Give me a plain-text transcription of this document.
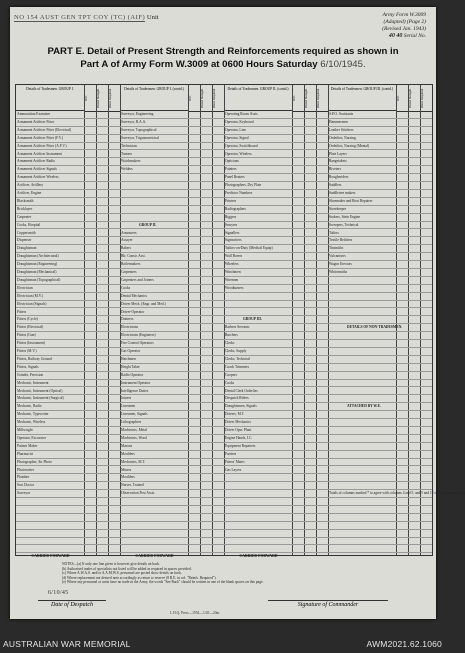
NO 154 AUST GEN TPT COY (TC) (AIF) Unit	Army Form W.3009
(Adapted) (Page 2)
(Revised Jan. 1943)
40 40 Serial No.
PART E. Detail of Present Strength and Reinforcements required as shown in
Part A of Army Form W.3009 at 0600 Hours Saturday 6/10/1945.
Details of Tradesmen. GROUP I.
W.E.	Posted Strength.	Reinf. Required.
Ammunition Examiner
Armament Artificer Fitter
Armament Artificer Fitter (Electrical)
Armament Artificer Fitter (F.V.)
Armament Artificer Fitter (A.F.V.)
Armament Artificer Instrument
Armament Artificer Radio
Armament Artificer Signals
Armament Artificer Wireless
Artificer, Artillery
Artificer, Engine
Blacksmith
Bricklayer
Carpenter
Cooks, Hospital
Coppersmith
Dispenser
Draughtsman
Draughtsman (Architectural)
Draughtsman (Engineering)
Draughtsman (Mechanical)
Draughtsman (Topographical)
Electrician
Electrician (M.V.)
Electrician (Signals)
Fitters
Fitters (Cycle)
Fitters (Electrical)
Fitters (Gun)
Fitters (Instrument)
Fitters (M.V.)
Fitters, Railway Ground
Fitters, Signals
Grinder, Precision
Mechanic, Instrument
Mechanic, Instrument (Optical)
Mechanic, Instrument (Surgical)
Mechanic, Radio
Mechanic, Typewriter
Mechanic, Wireless
Millwright
Operator, Excavator
Pattern Maker
Pharmacist
Photographer, Air Photo
Photowriter
Plumber
Saw Doctor
Surveyor
CARRIED FORWARD
Details of Tradesmen. GROUP I. (contd.)
W.E.	Posted Strength.	Reinf. Required.
Surveyor, Engineering
Surveyor, R.A.A.
Surveyor, Topographical
Surveyor, Trigonometrical
Technician
Turners
Watchmakers
Welders
GROUP II.
Armourers
Assayer
Bakers
Blr. Constr. Asst.
Boilermakers
Carpenters
Carpenters and Joiners
Cooks
Dental Mechanics
Driver Mech. (Engr. and Med.)
Driver-Operator
Drainers
Electricians
Electricians (Engineers)
Fire Control Operators
Gas Operator
Hatchmen
Height Taker
Radio Operator
Instrument Operator
Intelligence Duties
Joiners
Linesmen
Linesmen, Signals
Lithographers
Machinists, Metal
Machinists, Wood
Masons
Moulders
Mechanics, M.T.
Miners
Moulders
Nurses, Trained
Observation Post Assts.
CARRIED FORWARD
Details of Tradesmen. GROUP II. (contd.)
W.E.	Posted Strength.	Reinf. Required.
Operating Room Assts.
Operator, Keyboard
Operator, Line
Operator, Signal
Operator, Switchboard
Operator, Wireless
Opticians
Painters
Panel Beaters
Photographers, Dry Plate
Predictor Numbers
Printers
Radiographers
Riggers
Sawyers
Signallers
Signwriters
Tailors-on-Duty (Medical Equip)
Wall Borers
Wheelers
Winchmen
Wiremen
Woodturners
GROUP III.
Barbers Servants
Butchers
Clerks
Clerks, Supply
Clerks, Technical
Coach Trimmers
Coopers
Cooks
Dental Clerk Orderlies
Despatch Riders
Draughtsmen, Signals
Drivers, M.T.
Driver Mechanics
Driver Opsr. Plant
Engine Hands, I.C.
Equipment Repairers
Farriers
Fitters' Mates
Gas Layers
CARRIED FORWARD
Details of Tradesmen. GROUP III. (contd.)
W.E.	Posted Strength.	Reinf. Required.
S.P.O. Assistants
Hammermen
Leather Stitchers
Orderlies, Nursing
Orderlies, Nursing (Mental)
Plate Layers
Rangetakers
Riveters
Rougheriders
Saddlers
Saddletree makers
Shoemaker and Boot Repairer
Storekeeper
Stokers, Stein Engine
Sweepers, Technical
Tailors
Textile Refitters
Tinsmiths
Vulcanisers
Wagon Erectors
Whitesmiths
DETAILS OF NON-TRADESMEN.
ATTACHED BY W.E.
Totals of columns marked * to agree with columns 4 and 5, and 5 and 12 of Part A respectively
NOTES—(a) If only one line given is however give details on back.
(b) Authorised trades of specialists not listed will be added as required in spaces provided.
(c) Where A.W.A.S. and/or A.A.M.W.S. personnel are posted show details on back.
(d) Where replacement not desired note accordingly as return to reserve (8 R.E. in col. "Reinfs. Required").
(e) Where any personnel or units have no trade in the Army, the words "See Back" should be written in one of the blank spaces on this page.
6/10/45
Date of Despatch	Signature of Commander
L.H.Q. Press—1954—1/45—20m.
AUSTRALIAN WAR MEMORIAL	AWM2021.62.1060
